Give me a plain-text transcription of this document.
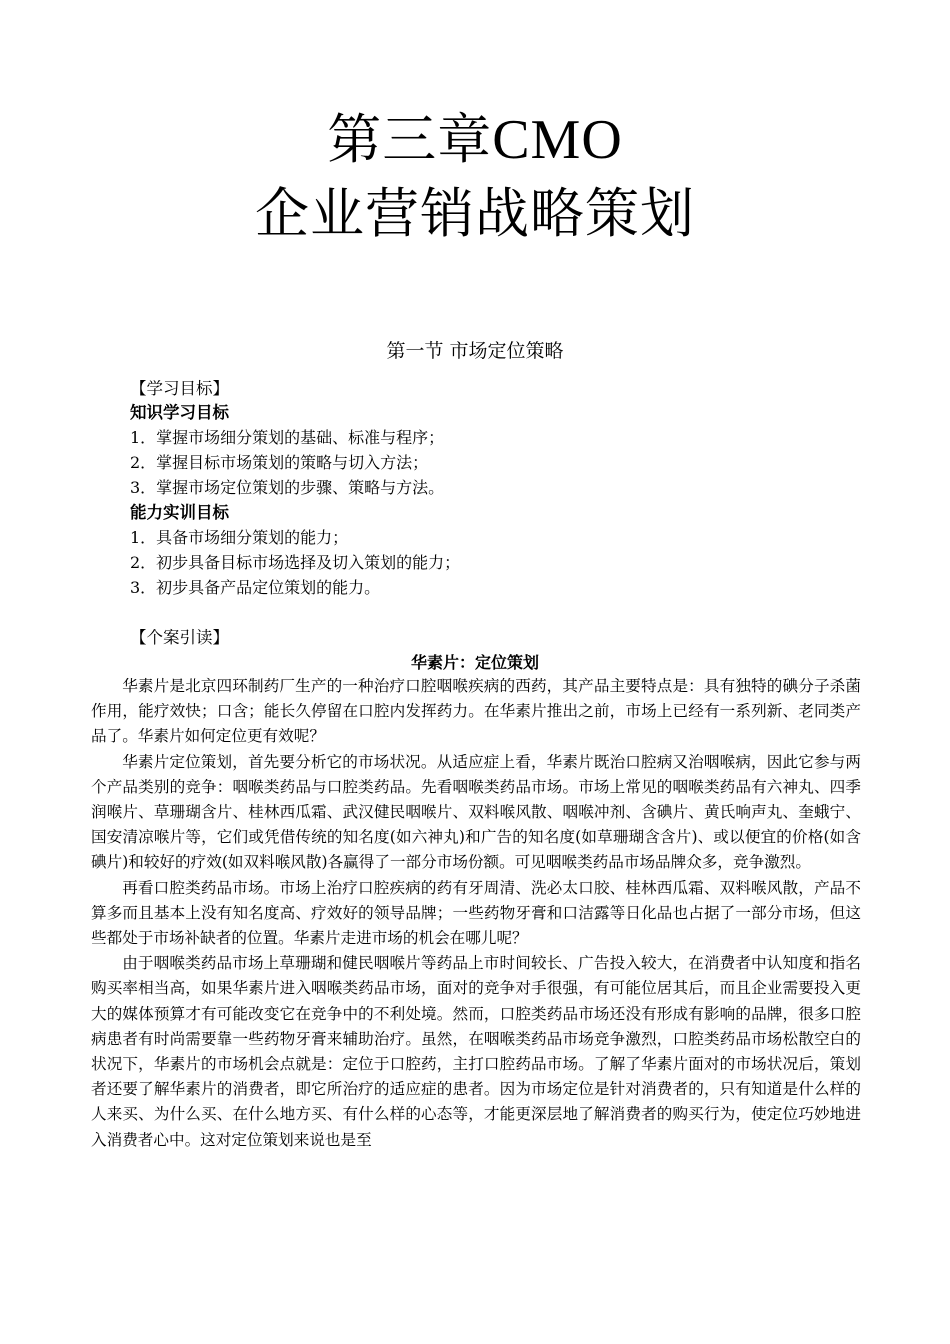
第三章CMO
企业营销战略策划
第一节 市场定位策略
【学习目标】
知识学习目标
1．掌握市场细分策划的基础、标准与程序；
2．掌握目标市场策划的策略与切入方法；
3．掌握市场定位策划的步骤、策略与方法。
能力实训目标
1．具备市场细分策划的能力；
2．初步具备目标市场选择及切入策划的能力；
3．初步具备产品定位策划的能力。
【个案引读】
华素片：定位策划

华素片是北京四环制药厂生产的一种治疗口腔咽喉疾病的西药，其产品主要特点是：具有独特的碘分子杀菌作用，能疗效快；口含；能长久停留在口腔内发挥药力。在华素片推出之前，市场上已经有一系列新、老同类产品了。华素片如何定位更有效呢？

华素片定位策划，首先要分析它的市场状况。从适应症上看，华素片既治口腔病又治咽喉病，因此它参与两个产品类别的竞争：咽喉类药品与口腔类药品。先看咽喉类药品市场。市场上常见的咽喉类药品有六神丸、四季润喉片、草珊瑚含片、桂林西瓜霜、武汉健民咽喉片、双料喉风散、咽喉冲剂、含碘片、黄氏响声丸、奎蛾宁、国安清凉喉片等，它们或凭借传统的知名度(如六神丸)和广告的知名度(如草珊瑚含含片)、或以便宜的价格(如含碘片)和较好的疗效(如双料喉风散)各赢得了一部分市场份额。可见咽喉类药品市场品牌众多，竞争激烈。

再看口腔类药品市场。市场上治疗口腔疾病的药有牙周清、洗必太口胶、桂林西瓜霜、双料喉风散，产品不算多而且基本上没有知名度高、疗效好的领导品牌；一些药物牙膏和口洁露等日化品也占据了一部分市场，但这些都处于市场补缺者的位置。华素片走进市场的机会在哪儿呢？

由于咽喉类药品市场上草珊瑚和健民咽喉片等药品上市时间较长、广告投入较大，在消费者中认知度和指名购买率相当高，如果华素片进入咽喉类药品市场，面对的竞争对手很强，有可能位居其后，而且企业需要投入更大的媒体预算才有可能改变它在竞争中的不利处境。然而，口腔类药品市场还没有形成有影响的品牌，很多口腔病患者有时尚需要靠一些药物牙膏来辅助治疗。虽然，在咽喉类药品市场竞争激烈，口腔类药品市场松散空白的状况下，华素片的市场机会点就是：定位于口腔药，主打口腔药品市场。了解了华素片面对的市场状况后，策划者还要了解华素片的消费者，即它所治疗的适应症的患者。因为市场定位是针对消费者的，只有知道是什么样的人来买、为什么买、在什么地方买、有什么样的心态等，才能更深层地了解消费者的购买行为，使定位巧妙地进入消费者心中。这对定位策划来说也是至
